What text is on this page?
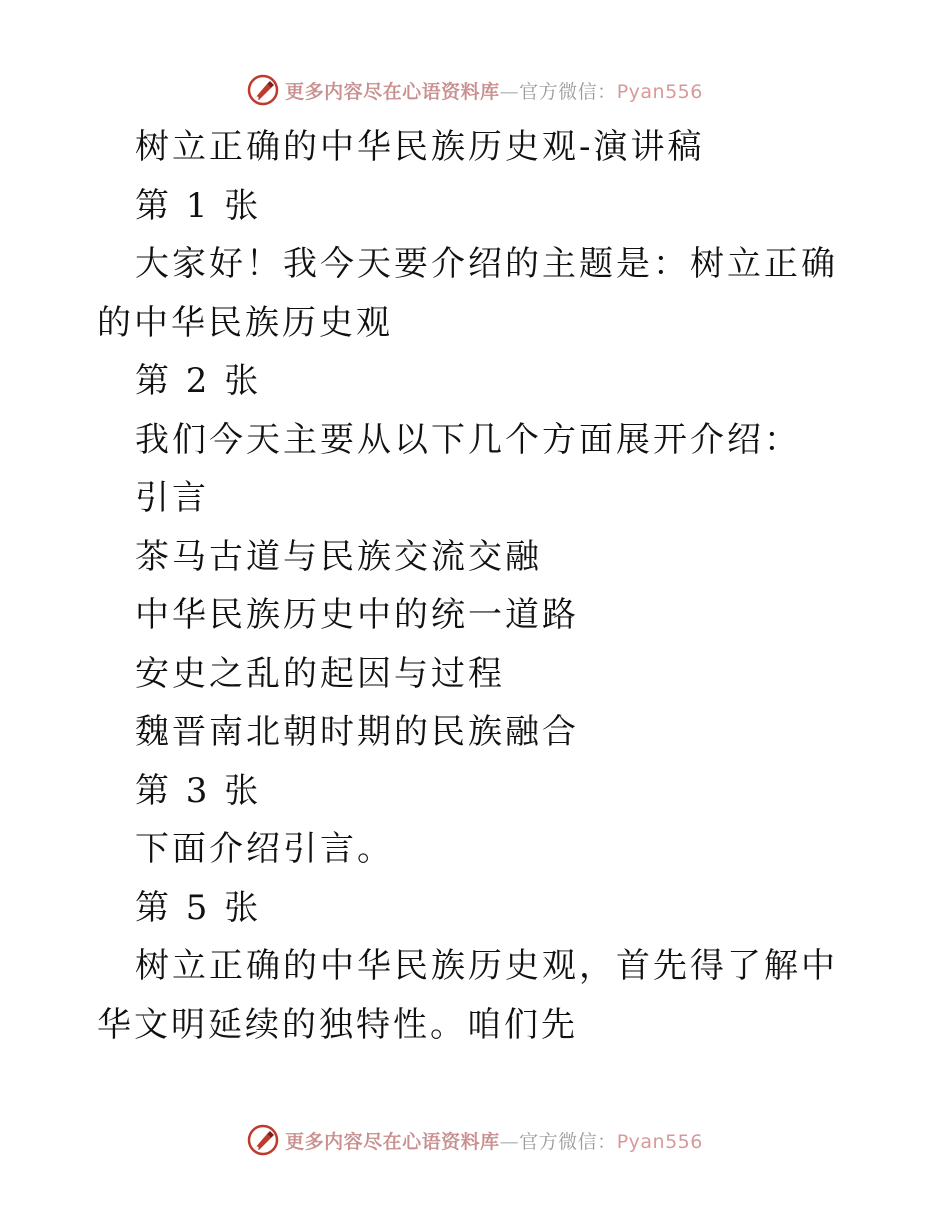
更多内容尽在心语资料库—官方微信：Pyan556
树立正确的中华民族历史观-演讲稿
第 1 张

大家好！我今天要介绍的主题是：树立正确的中华民族历史观

第 2 张
我们今天主要从以下几个方面展开介绍：
引言
茶马古道与民族交流交融
中华民族历史中的统一道路
安史之乱的起因与过程
魏晋南北朝时期的民族融合
第 3 张
下面介绍引言。
第 5 张

树立正确的中华民族历史观，首先得了解中华文明延续的独特性。咱们先

更多内容尽在心语资料库—官方微信：Pyan556
